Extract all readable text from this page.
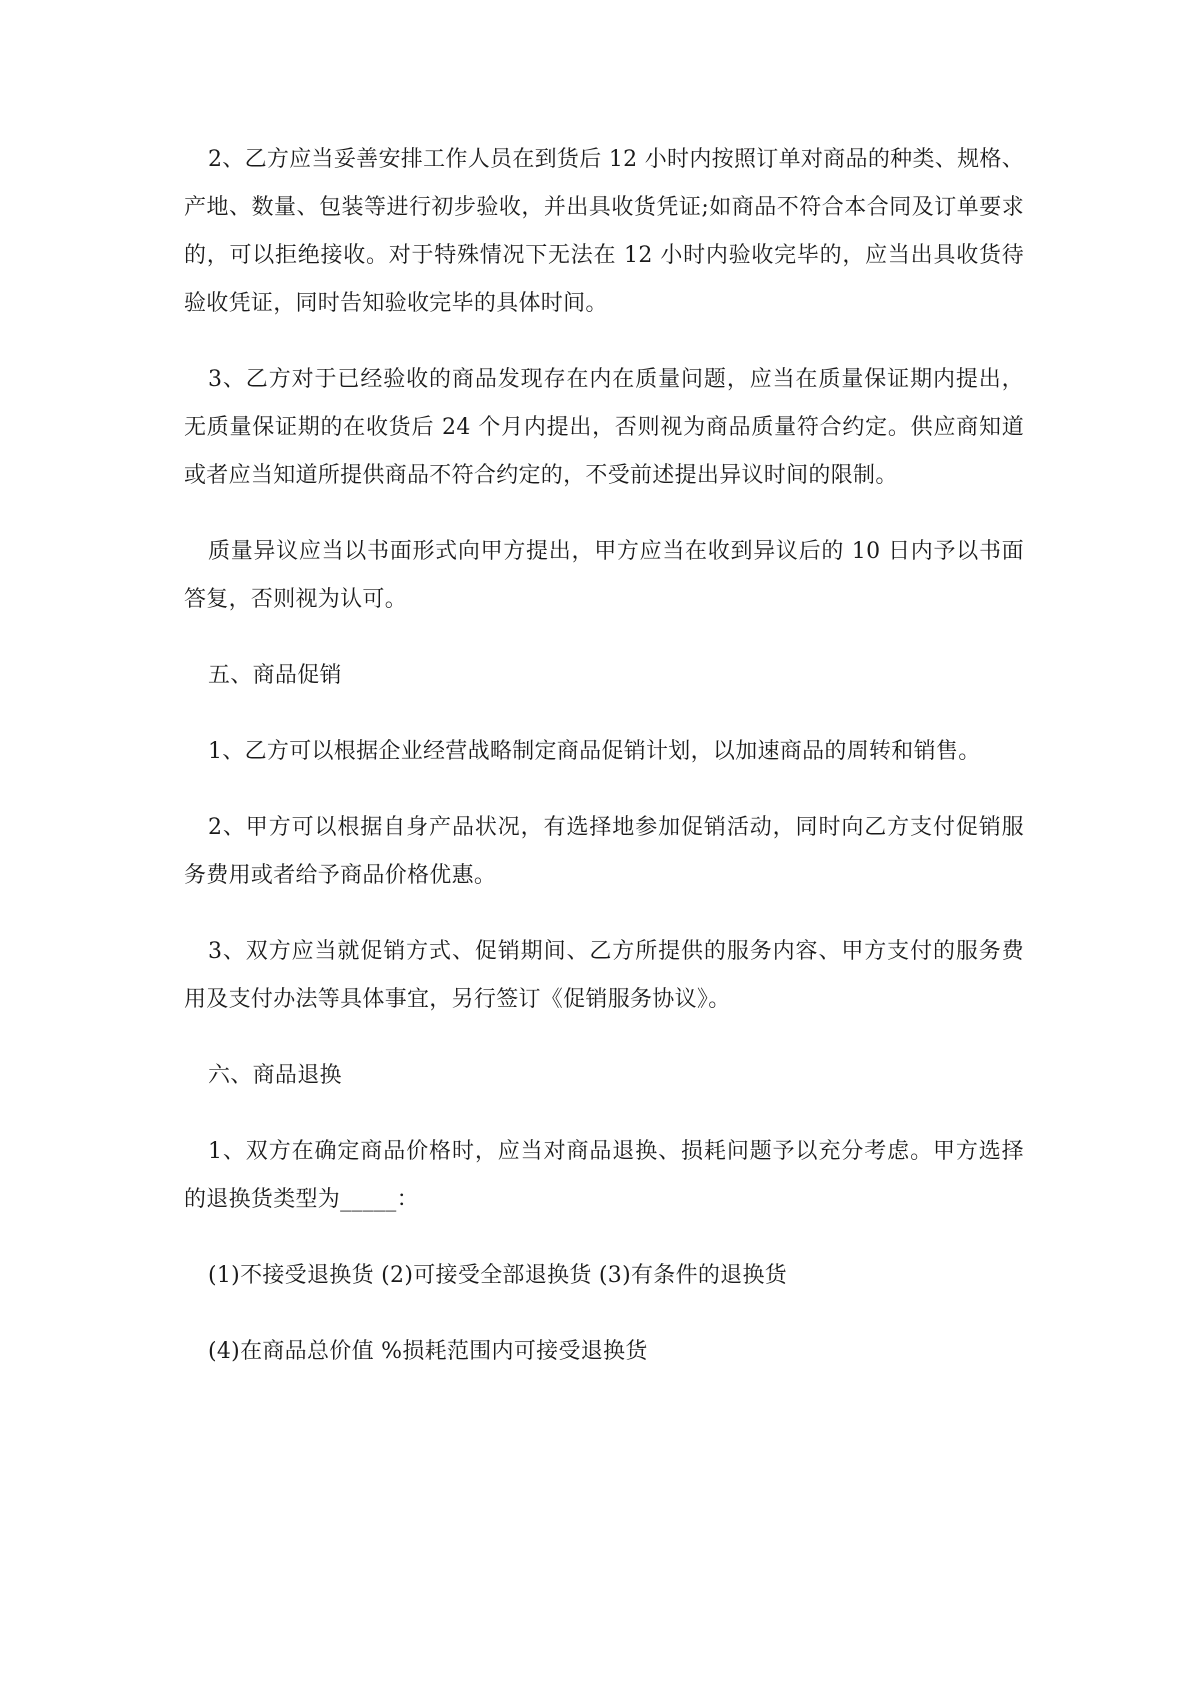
2、乙方应当妥善安排工作人员在到货后 12 小时内按照订单对商品的种类、规格、产地、数量、包装等进行初步验收，并出具收货凭证;如商品不符合本合同及订单要求的，可以拒绝接收。对于特殊情况下无法在 12 小时内验收完毕的，应当出具收货待验收凭证，同时告知验收完毕的具体时间。

3、乙方对于已经验收的商品发现存在内在质量问题，应当在质量保证期内提出，无质量保证期的在收货后 24 个月内提出，否则视为商品质量符合约定。供应商知道或者应当知道所提供商品不符合约定的，不受前述提出异议时间的限制。

质量异议应当以书面形式向甲方提出，甲方应当在收到异议后的 10 日内予以书面答复，否则视为认可。

五、商品促销

1、乙方可以根据企业经营战略制定商品促销计划，以加速商品的周转和销售。

2、甲方可以根据自身产品状况，有选择地参加促销活动，同时向乙方支付促销服务费用或者给予商品价格优惠。

3、双方应当就促销方式、促销期间、乙方所提供的服务内容、甲方支付的服务费用及支付办法等具体事宜，另行签订《促销服务协议》。

六、商品退换

1、双方在确定商品价格时，应当对商品退换、损耗问题予以充分考虑。甲方选择的退换货类型为_____：

(1)不接受退换货 (2)可接受全部退换货 (3)有条件的退换货

(4)在商品总价值 %损耗范围内可接受退换货
